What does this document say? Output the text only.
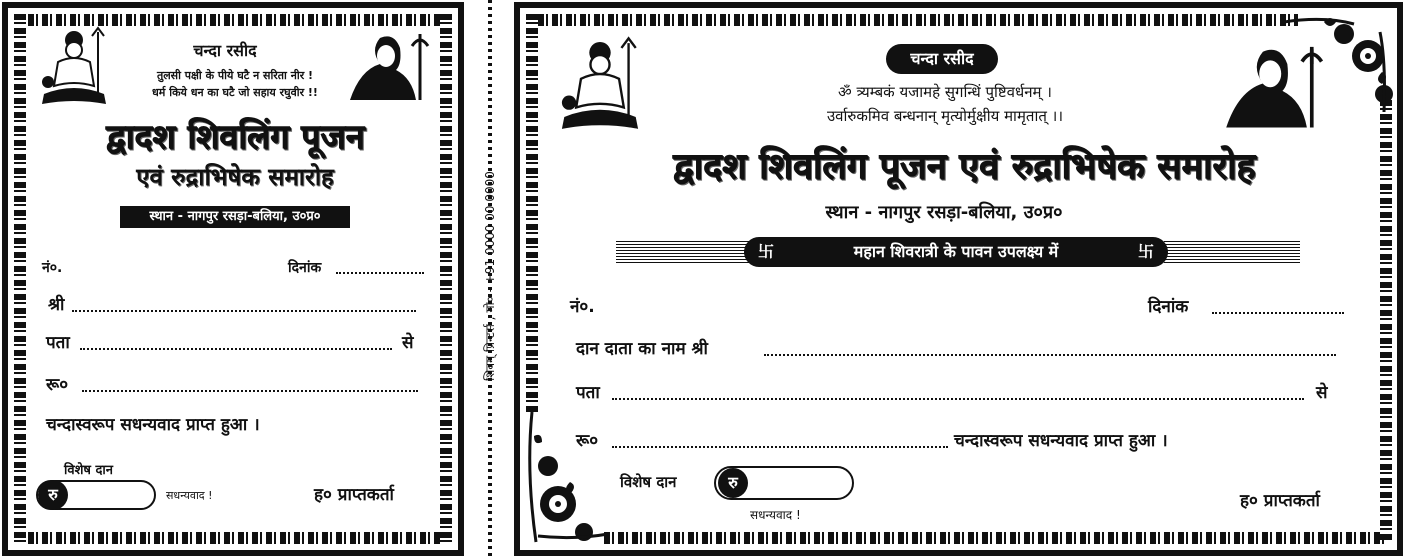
चन्दा रसीद
तुलसी पक्षी के पीये घटै न सरिता नीर !
धर्म किये धन का घटै जो सहाय रघुवीर !!
द्वादश शिवलिंग पूजन
एवं रुद्राभिषेक समारोह
स्थान - नागपुर रसड़ा-बलिया, उ०प्र०
नं०.	दिनांक
श्री
पता	से
रू०
चन्दास्वरूप सधन्यवाद प्राप्त हुआ ।
विशेष दान
रु	सधन्यवाद !	ह० प्राप्तकर्ता
शिवम् प्रिन्टर्स , मो० - +91 0000 00 0000
चन्दा रसीद
ॐ त्र्यम्बकं यजामहे सुगन्धिं पुष्टिवर्धनम् ।
उर्वारुकमिव बन्धनान् मृत्योर्मुक्षीय मामृतात् ।।
द्वादश शिवलिंग पूजन एवं रुद्राभिषेक समारोह
स्थान - नागपुर रसड़ा-बलिया, उ०प्र०
卐	महान शिवरात्री के पावन उपलक्ष्य में	卐
नं०.	दिनांक
दान दाता का नाम श्री
पता	से
रू०	चन्दास्वरूप सधन्यवाद प्राप्त हुआ ।
विशेष दान	रु
सधन्यवाद !
ह० प्राप्तकर्ता
